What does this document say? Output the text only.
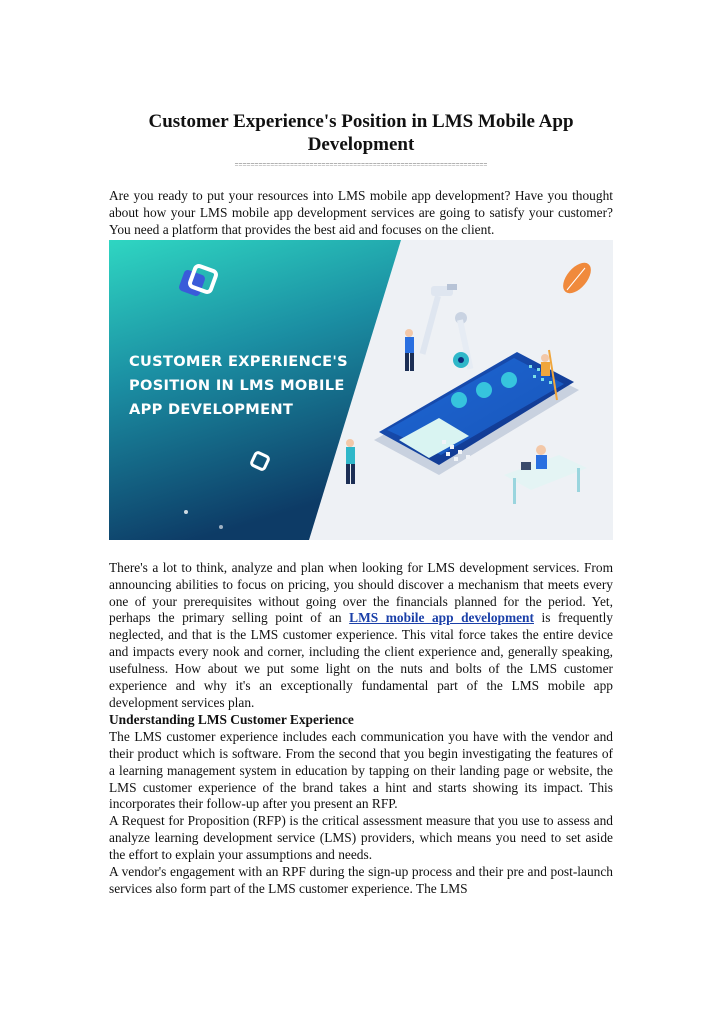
Customer Experience's Position in LMS Mobile App Development
================================================================

Are you ready to put your resources into LMS mobile app development? Have you thought about how your LMS mobile app development services are going to satisfy your customer? You need a platform that provides the best aid and focuses on the client.

CUSTOMER EXPERIENCE'S
POSITION IN LMS MOBILE
APP DEVELOPMENT

There's a lot to think, analyze and plan when looking for LMS development services. From announcing abilities to focus on pricing, you should discover a mechanism that meets every one of your prerequisites without going over the financials planned for the period. Yet, perhaps the primary selling point of an LMS mobile app development is frequently neglected, and that is the LMS customer experience. This vital force takes the entire device and impacts every nook and corner, including the client experience and, generally speaking, usefulness. How about we put some light on the nuts and bolts of the LMS customer experience and why it's an exceptionally fundamental part of the LMS mobile app development services plan.

Understanding LMS Customer Experience

The LMS customer experience includes each communication you have with the vendor and their product which is software. From the second that you begin investigating the features of a learning management system in education by tapping on their landing page or website, the LMS customer experience of the brand takes a hint and starts showing its impact. This incorporates their follow-up after you present an RFP.

A Request for Proposition (RFP) is the critical assessment measure that you use to assess and analyze learning development service (LMS) providers, which means you need to set aside the effort to explain your assumptions and needs.

A vendor's engagement with an RPF during the sign-up process and their pre and post-launch services also form part of the LMS customer experience. The LMS
